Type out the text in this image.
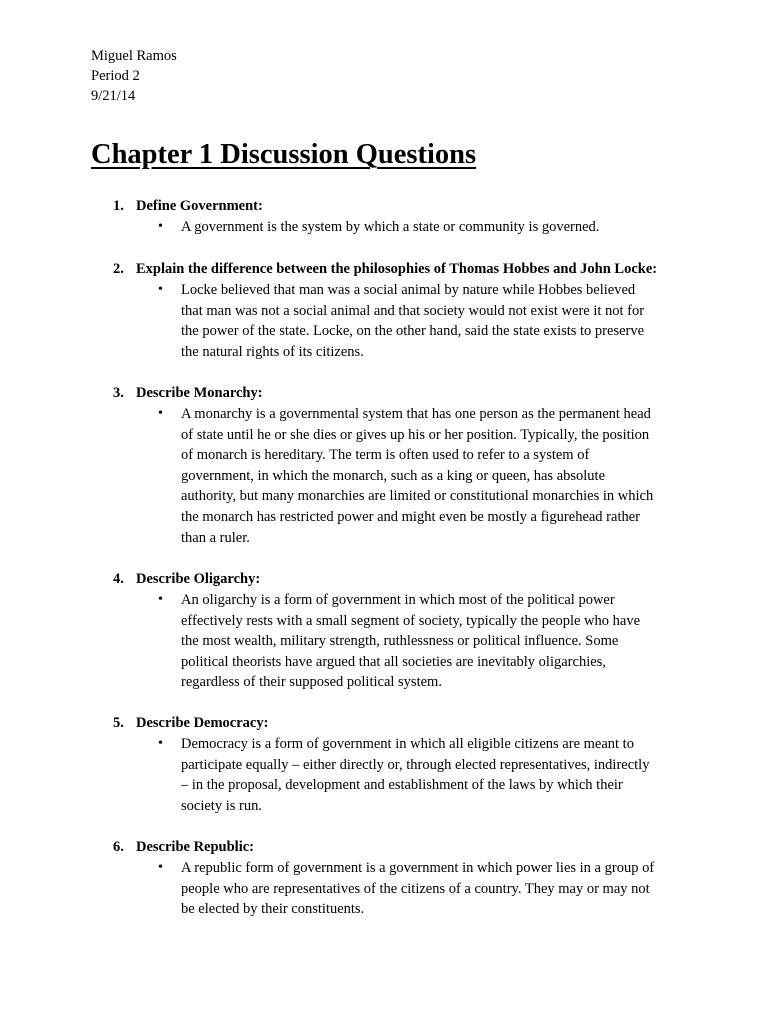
Miguel Ramos
Period 2
9/21/14
Chapter 1 Discussion Questions
1. Define Government:
• A government is the system by which a state or community is governed.
2. Explain the difference between the philosophies of Thomas Hobbes and John Locke:
• Locke believed that man was a social animal by nature while Hobbes believed
that man was not a social animal and that society would not exist were it not for
the power of the state. Locke, on the other hand, said the state exists to preserve
the natural rights of its citizens.
3. Describe Monarchy:
• A monarchy is a governmental system that has one person as the permanent head
of state until he or she dies or gives up his or her position. Typically, the position
of monarch is hereditary. The term is often used to refer to a system of
government, in which the monarch, such as a king or queen, has absolute
authority, but many monarchies are limited or constitutional monarchies in which
the monarch has restricted power and might even be mostly a figurehead rather
than a ruler.
4. Describe Oligarchy:
• An oligarchy is a form of government in which most of the political power
effectively rests with a small segment of society, typically the people who have
the most wealth, military strength, ruthlessness or political influence. Some
political theorists have argued that all societies are inevitably oligarchies,
regardless of their supposed political system.
5. Describe Democracy:
• Democracy is a form of government in which all eligible citizens are meant to
participate equally – either directly or, through elected representatives, indirectly
– in the proposal, development and establishment of the laws by which their
society is run.
6. Describe Republic:
• A republic form of government is a government in which power lies in a group of
people who are representatives of the citizens of a country. They may or may not
be elected by their constituents.
